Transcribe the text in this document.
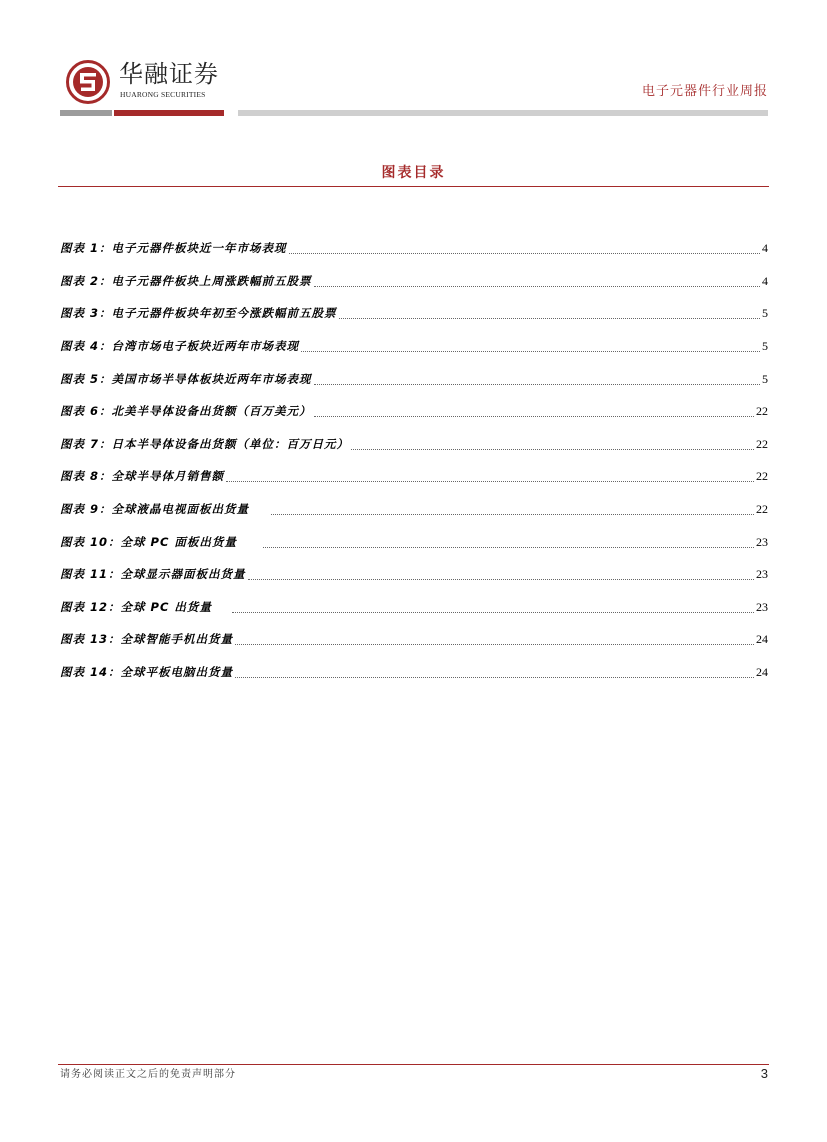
华融证券
HUARONG SECURITIES	电子元器件行业周报
图表目录
图表 1：电子元器件板块近一年市场表现	4
图表 2：电子元器件板块上周涨跌幅前五股票	4
图表 3：电子元器件板块年初至今涨跌幅前五股票	5
图表 4：台湾市场电子板块近两年市场表现	5
图表 5：美国市场半导体板块近两年市场表现	5
图表 6：北美半导体设备出货额（百万美元）	22
图表 7：日本半导体设备出货额（单位：百万日元）	22
图表 8：全球半导体月销售额	22
图表 9：全球液晶电视面板出货量	22
图表 10：全球 PC 面板出货量	23
图表 11：全球显示器面板出货量	23
图表 12：全球 PC 出货量	23
图表 13：全球智能手机出货量	24
图表 14：全球平板电脑出货量	24
请务必阅读正文之后的免责声明部分	3
